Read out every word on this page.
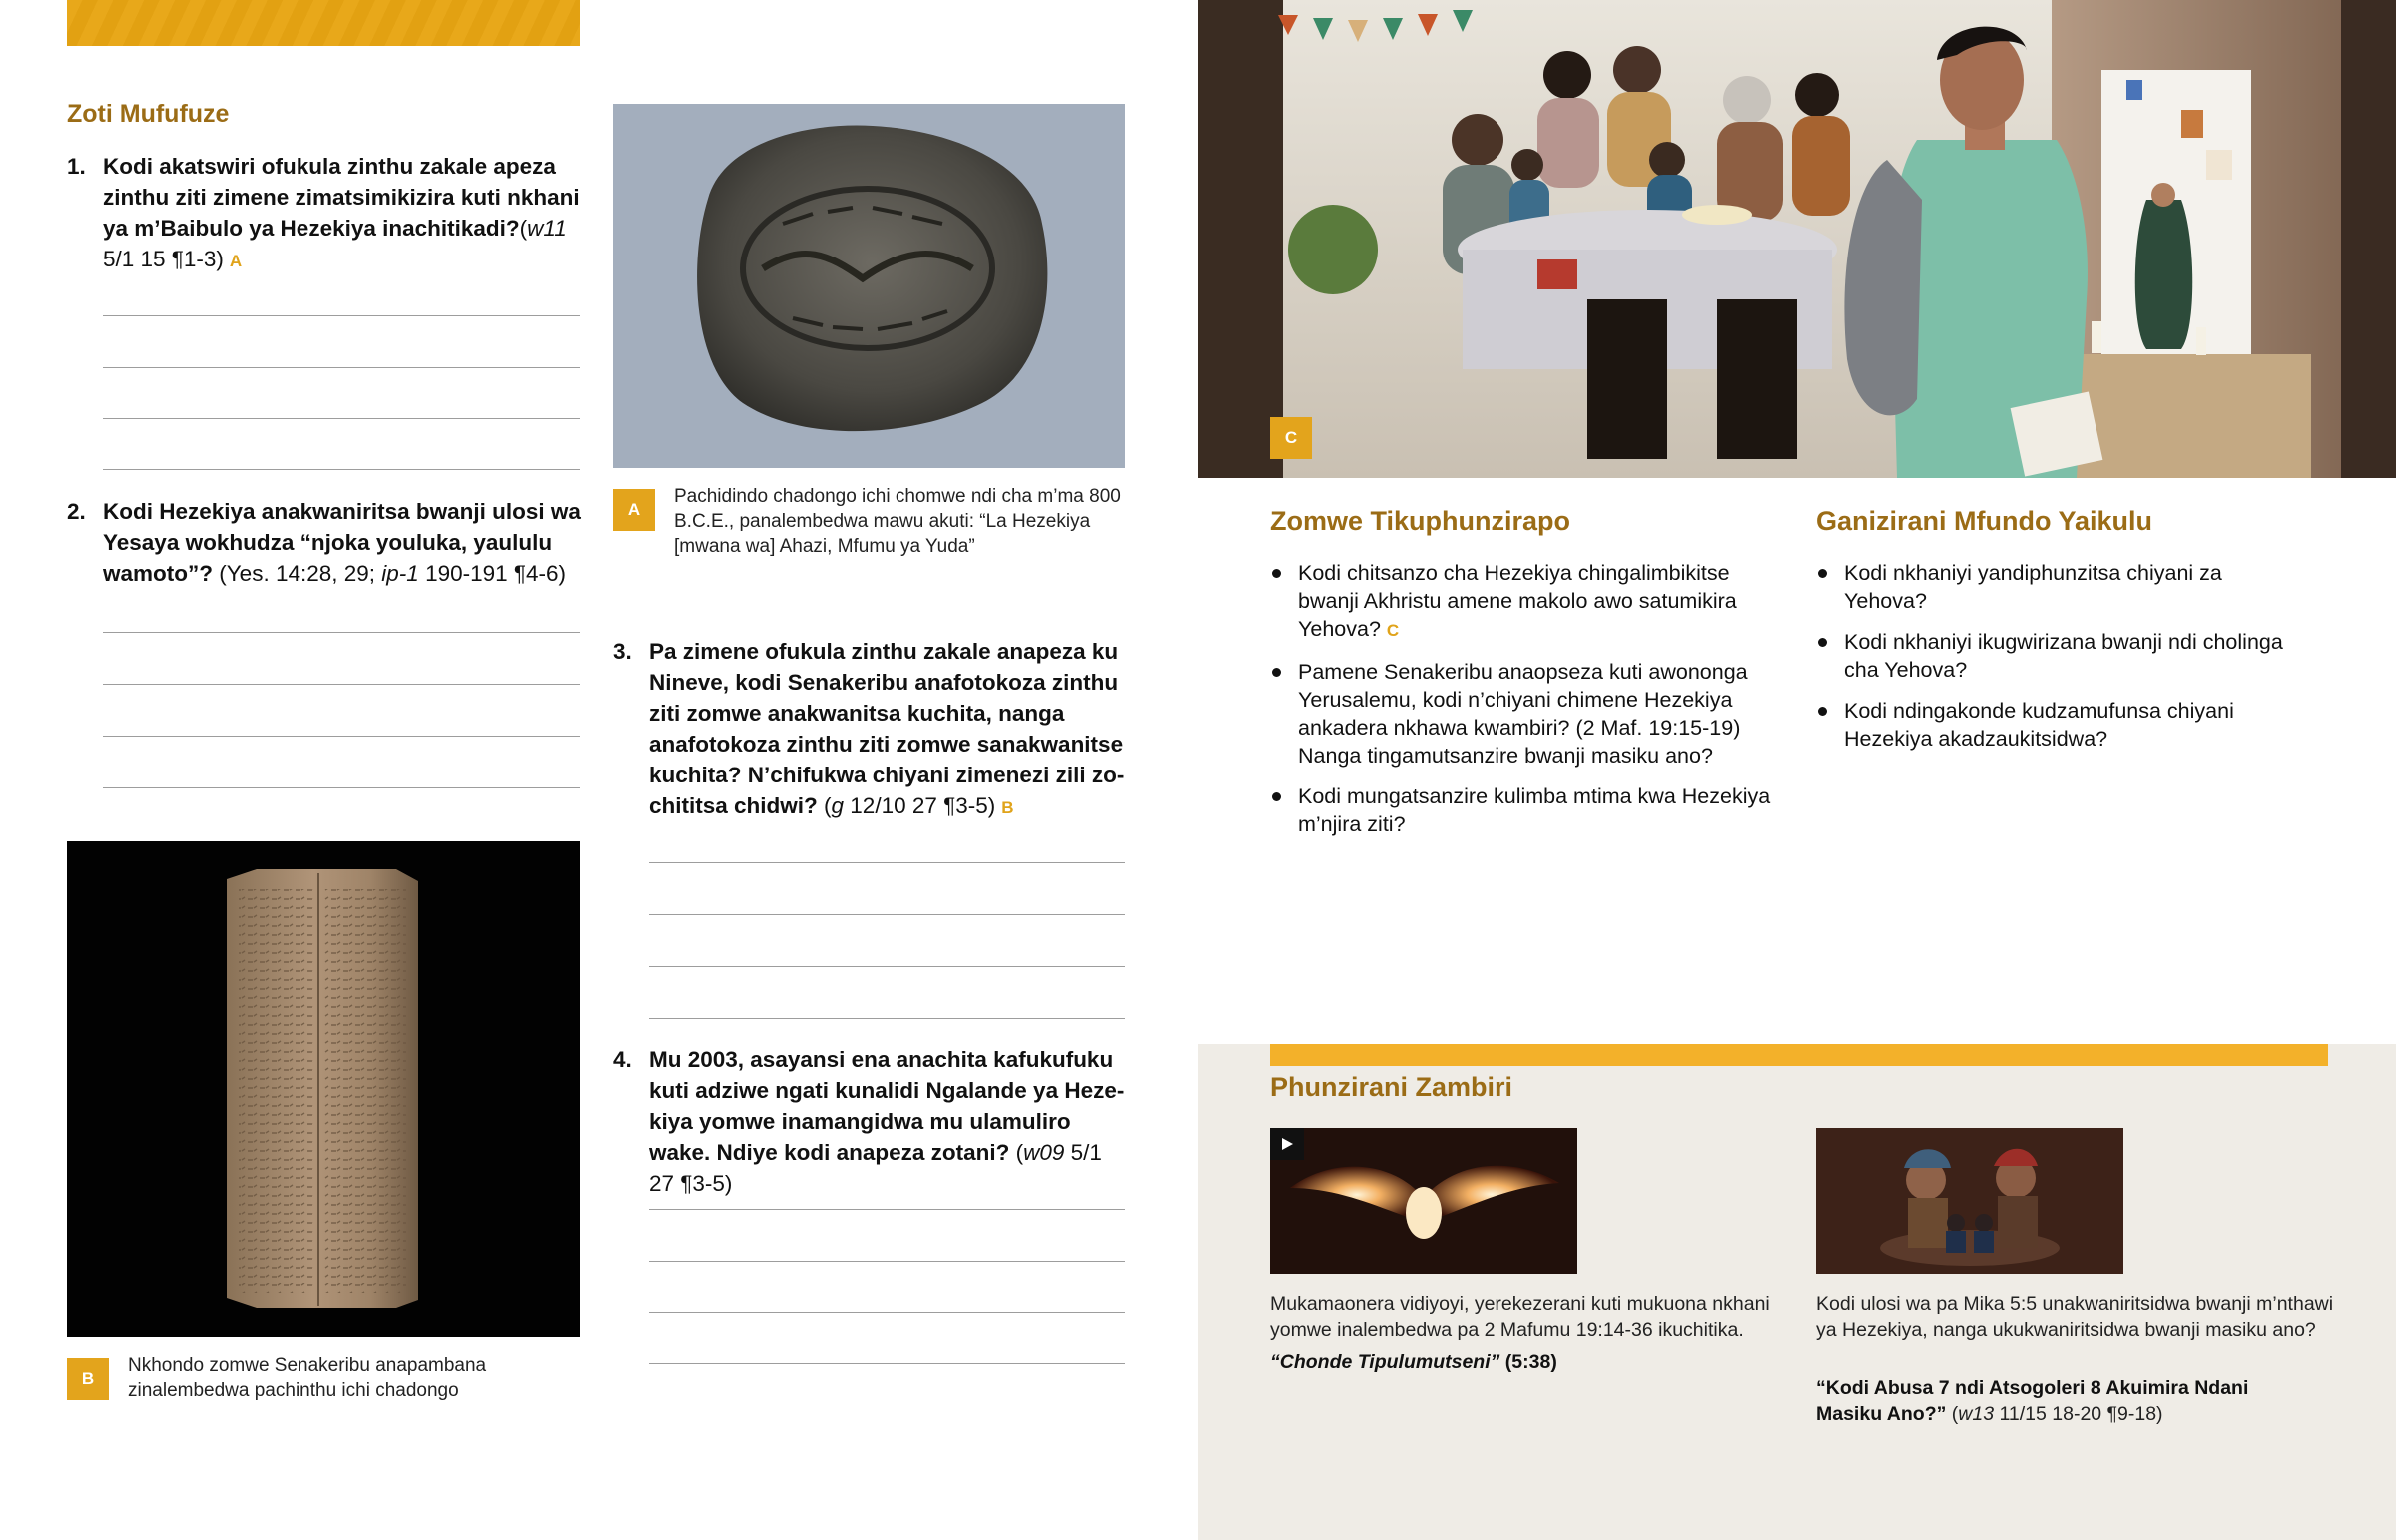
Zoti Mufufuze
1. Kodi akatswiri ofukula zinthu zakale apeza zinthu ziti zimene zimatsimikizira kuti nkhani ya m’Baibulo ya Hezekiya inachitikadi?(w11 5/1 15 ¶1-3) A
2. Kodi Hezekiya anakwaniritsa bwanji ulosi wa Yesaya wokhudza “njoka youluka, yaululu wamoto”? (Yes. 14:28, 29; ip-1 190-191 ¶4-6)
A
Pachidindo chadongo ichi chomwe ndi cha m’ma 800 B.C.E., panalembedwa mawu akuti: “La Hezekiya [mwana wa] Ahazi, Mfumu ya Yuda”
3. Pa zimene ofukula zinthu zakale anapeza ku Nineve, kodi Senakeribu anafotokoza zinthu ziti zomwe anakwanitsa kuchita, nanga anafotokoza zinthu ziti zomwe sanakwanitse kuchita? N’chifukwa chiyani zimenezi zili zochititsa chidwi? (g 12/10 27 ¶3-5) B
4. Mu 2003, asayansi ena anachita kafukufuku kuti adziwe ngati kunalidi Ngalande ya Hezekiya yomwe inamangidwa mu ulamuliro wake. Ndiye kodi anapeza zotani? (w09 5/1 27 ¶3-5)
B
Nkhondo zomwe Senakeribu anapambana zinalembedwa pachinthu ichi chadongo
C
Zomwe Tikuphunzirapo
Kodi chitsanzo cha Hezekiya chingalimbikitse bwanji Akhristu amene makolo awo satumikira Yehova? C
Pamene Senakeribu anaopseza kuti awononga Yerusalemu, kodi n’chiyani chimene Hezekiya ankadera nkhawa kwambiri? (2 Maf. 19:15-19) Nanga tingamutsanzire bwanji masiku ano?
Kodi mungatsanzire kulimba mtima kwa Hezekiya m’njira ziti?
Ganizirani Mfundo Yaikulu
Kodi nkhaniyi yandiphunzitsa chiyani za Yehova?
Kodi nkhaniyi ikugwirizana bwanji ndi cholinga cha Yehova?
Kodi ndingakonde kudzamufunsa chiyani Hezekiya akadzaukitsidwa?
Phunzirani Zambiri
Mukamaonera vidiyoyi, yerekezerani kuti mukuona nkhani yomwe inalembedwa pa 2 Mafumu 19:14-36 ikuchitika.
“Chonde Tipulumutseni” (5:38)
Kodi ulosi wa pa Mika 5:5 unakwaniritsidwa bwanji m’nthawi ya Hezekiya, nanga ukukwaniritsidwa bwanji masiku ano?
“Kodi Abusa 7 ndi Atsogoleri 8 Akuimira Ndani Masiku Ano?” (w13 11/15 18-20 ¶9-18)
